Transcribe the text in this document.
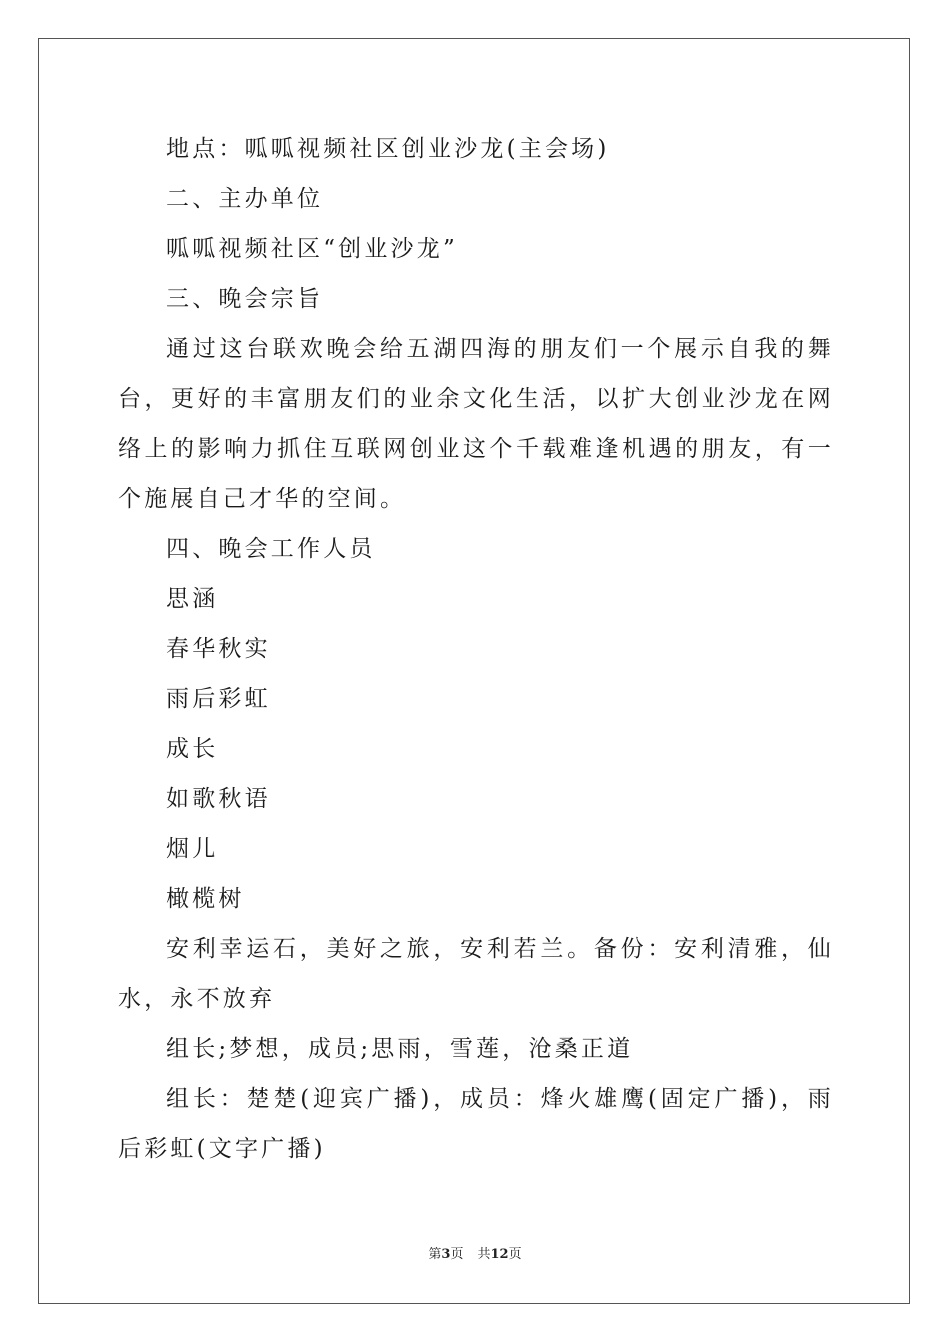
地点：呱呱视频社区创业沙龙(主会场)

二、主办单位

呱呱视频社区“创业沙龙”

三、晚会宗旨

通过这台联欢晚会给五湖四海的朋友们一个展示自我的舞台，更好的丰富朋友们的业余文化生活，以扩大创业沙龙在网络上的影响力抓住互联网创业这个千载难逢机遇的朋友，有一个施展自己才华的空间。

四、晚会工作人员

思涵

春华秋实

雨后彩虹

成长

如歌秋语

烟儿

橄榄树

安利幸运石，美好之旅，安利若兰。备份：安利清雅，仙水，永不放弃

组长;梦想，成员;思雨，雪莲，沧桑正道

组长：楚楚(迎宾广播)，成员：烽火雄鹰(固定广播)，雨后彩虹(文字广播)

第3页 共12页
